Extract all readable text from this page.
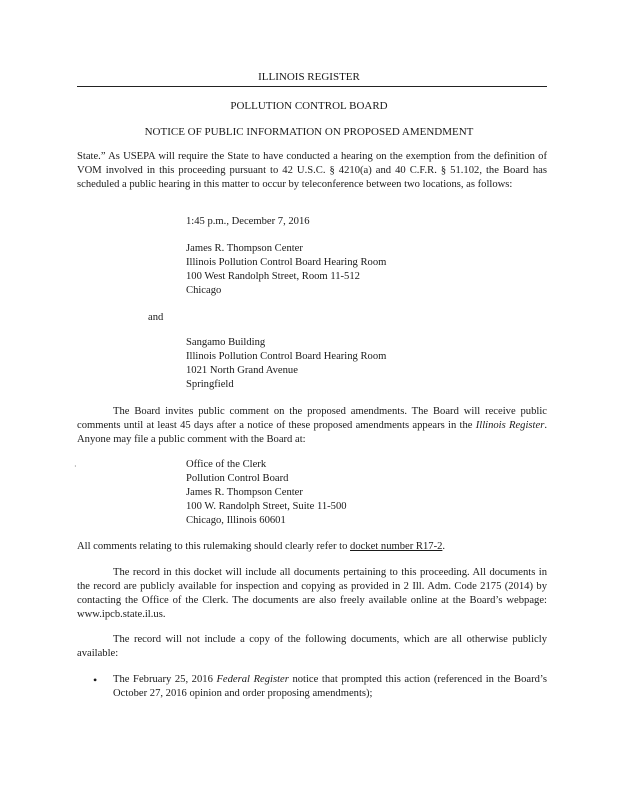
ILLINOIS REGISTER
POLLUTION CONTROL BOARD
NOTICE OF PUBLIC INFORMATION ON PROPOSED AMENDMENT
State.” As USEPA will require the State to have conducted a hearing on the exemption from the definition of VOM involved in this proceeding pursuant to 42 U.S.C. § 4210(a) and 40 C.F.R. § 51.102, the Board has scheduled a public hearing in this matter to occur by teleconference between two locations, as follows:
1:45 p.m., December 7, 2016
James R. Thompson Center
Illinois Pollution Control Board Hearing Room
100 West Randolph Street, Room 11-512
Chicago
and
Sangamo Building
Illinois Pollution Control Board Hearing Room
1021 North Grand Avenue
Springfield
The Board invites public comment on the proposed amendments. The Board will receive public comments until at least 45 days after a notice of these proposed amendments appears in the Illinois Register. Anyone may file a public comment with the Board at:
·	Office of the Clerk
Pollution Control Board
James R. Thompson Center
100 W. Randolph Street, Suite 11-500
Chicago, Illinois 60601
All comments relating to this rulemaking should clearly refer to docket number R17-2.
The record in this docket will include all documents pertaining to this proceeding. All documents in the record are publicly available for inspection and copying as provided in 2 Ill. Adm. Code 2175 (2014) by contacting the Office of the Clerk. The documents are also freely available online at the Board’s webpage: www.ipcb.state.il.us.
The record will not include a copy of the following documents, which are all otherwise publicly available:
• The February 25, 2016 Federal Register notice that prompted this action (referenced in the Board’s October 27, 2016 opinion and order proposing amendments);
